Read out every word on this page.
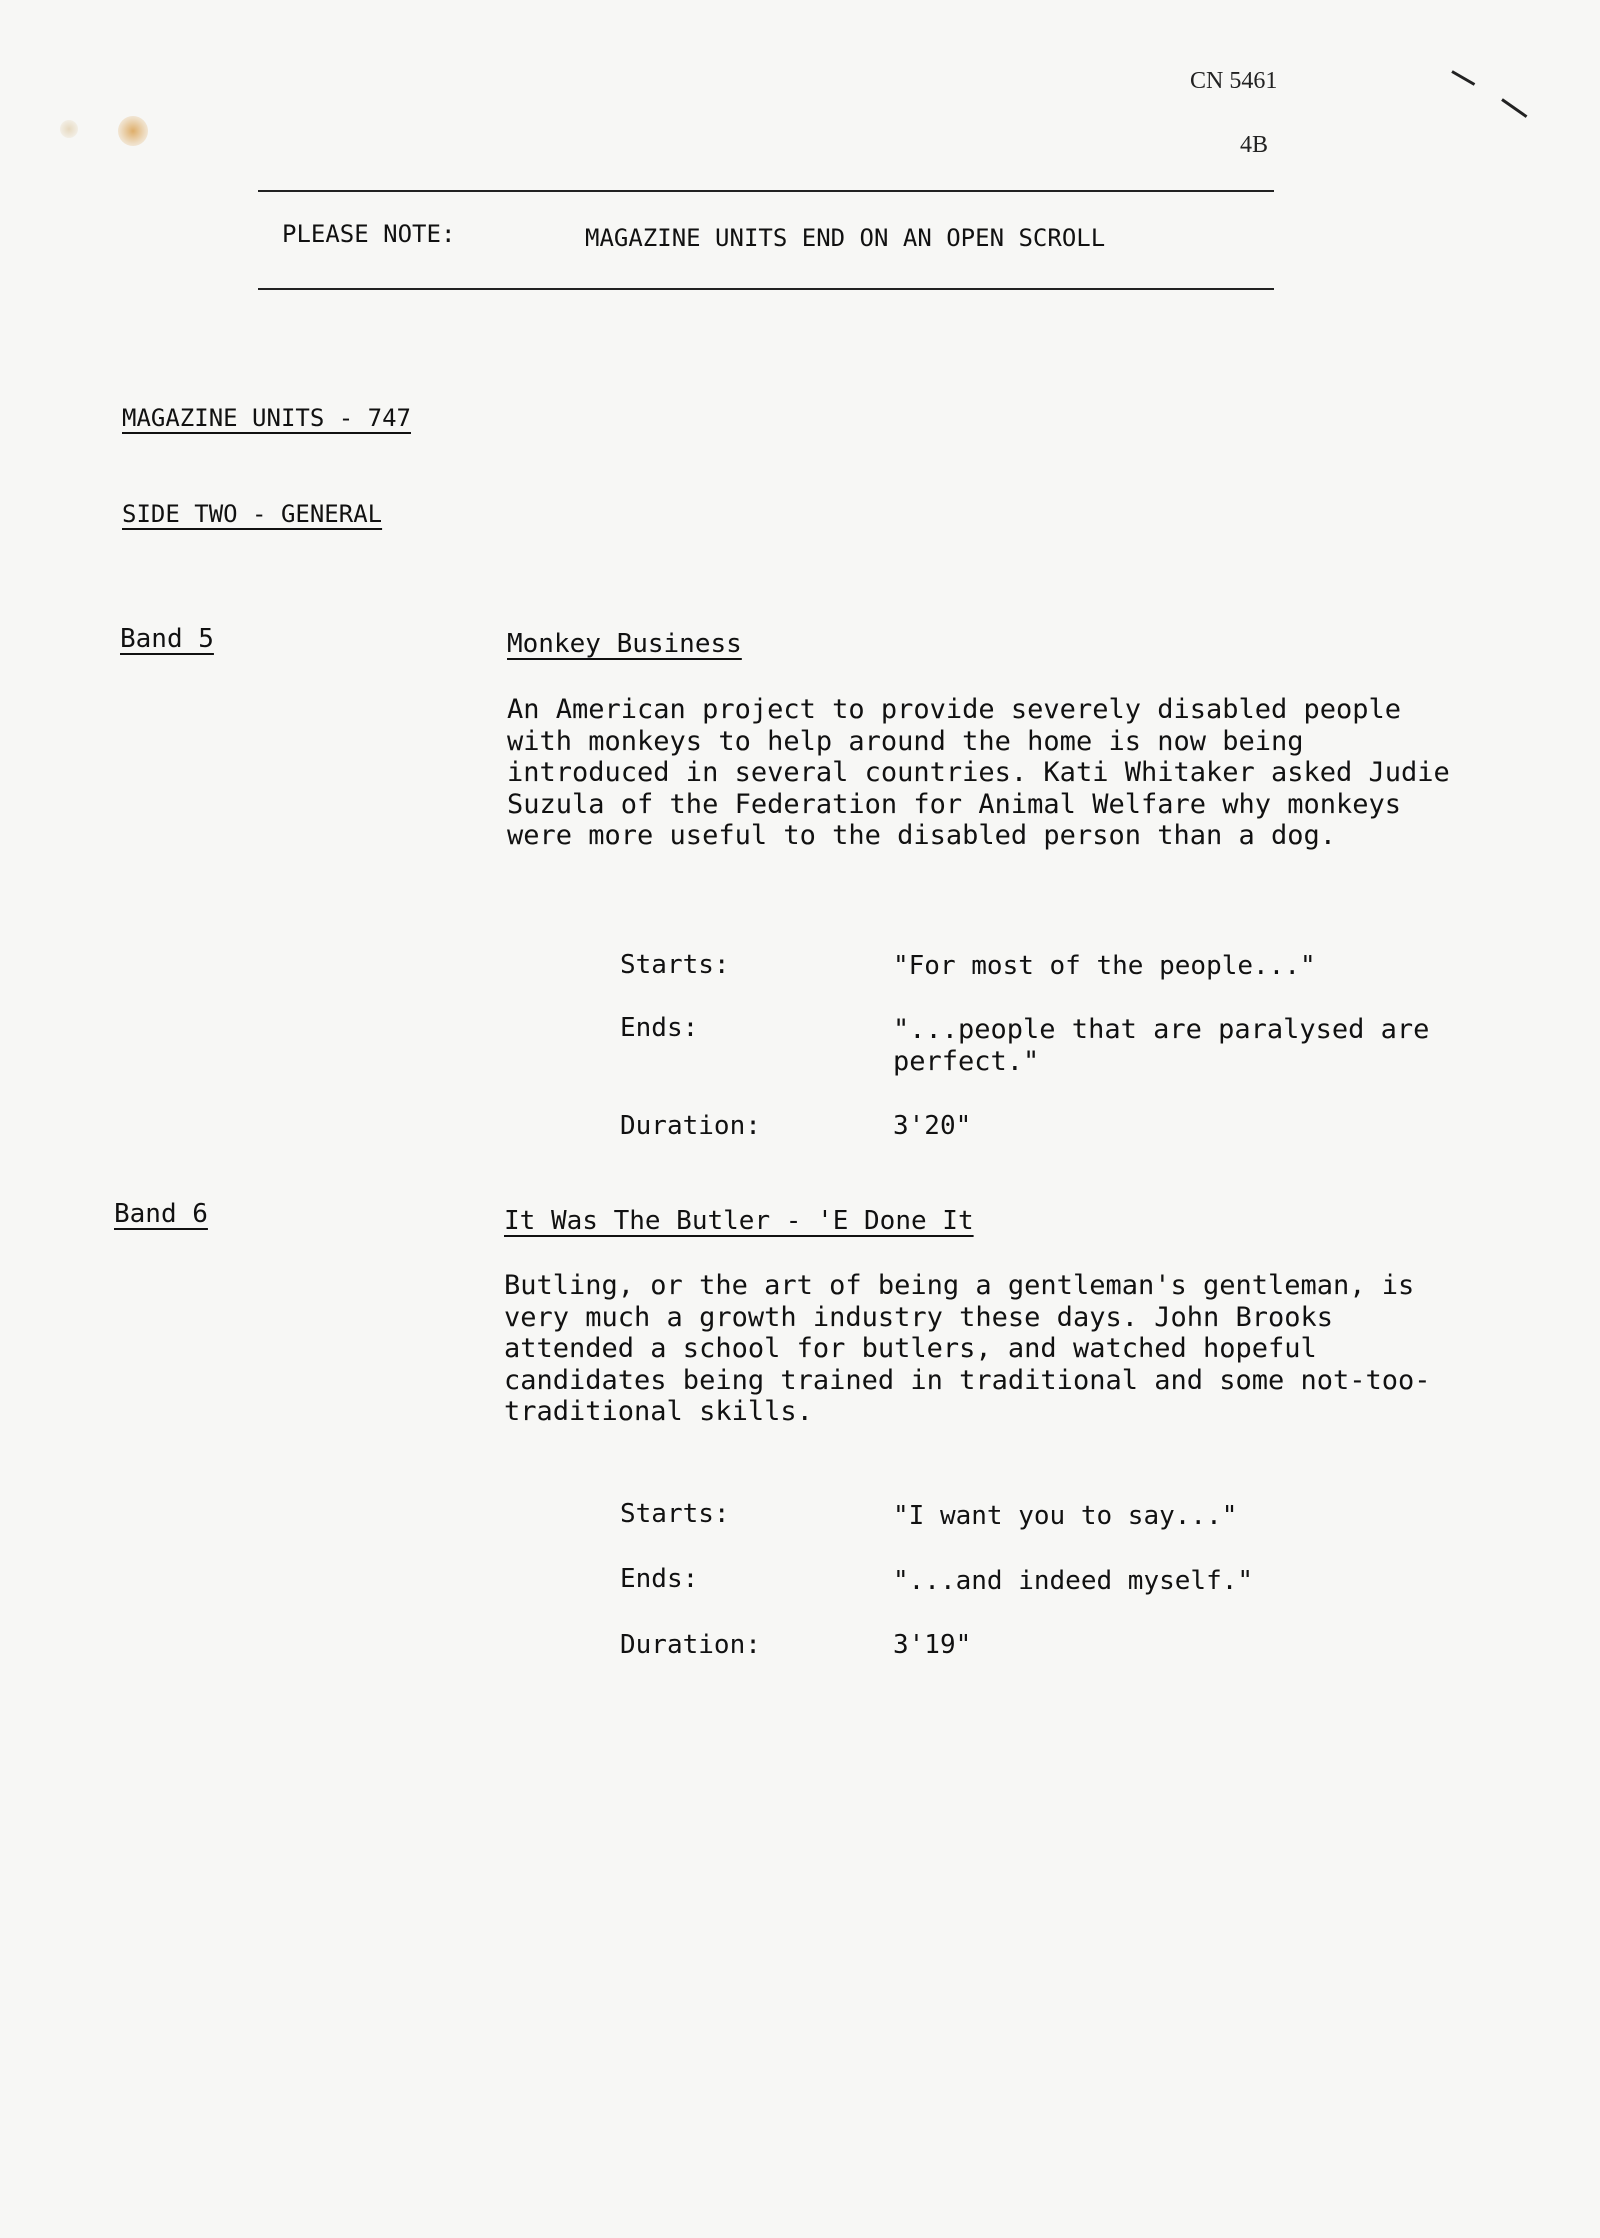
CN 5461
4B
PLEASE NOTE:	MAGAZINE UNITS END ON AN OPEN SCROLL
MAGAZINE UNITS - 747
SIDE TWO - GENERAL
Band 5	Monkey Business
An American project to provide severely disabled people with monkeys to help around the home is now being introduced in several countries. Kati Whitaker asked Judie Suzula of the Federation for Animal Welfare why monkeys were more useful to the disabled person than a dog.
Starts:	"For most of the people..."
Ends:	"...people that are paralysed are perfect."
Duration:	3'20"
Band 6	It Was The Butler - 'E Done It
Butling, or the art of being a gentleman's gentleman, is very much a growth industry these days. John Brooks attended a school for butlers, and watched hopeful candidates being trained in traditional and some not-too-traditional skills.
Starts:	"I want you to say..."
Ends:	"...and indeed myself."
Duration:	3'19"
